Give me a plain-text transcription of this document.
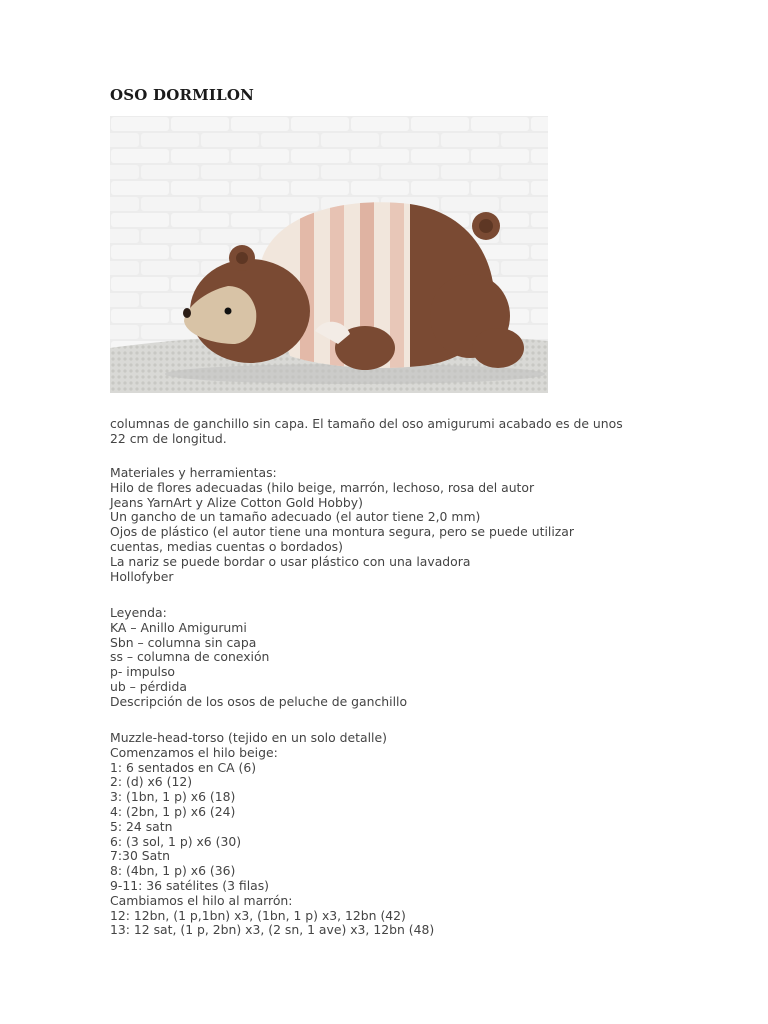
OSO DORMILON
columnas de ganchillo sin capa. El tamaño del oso amigurumi acabado es de unos
22 cm de longitud.
Materiales y herramientas:
Hilo de flores adecuadas (hilo beige, marrón, lechoso, rosa del autor
Jeans YarnArt y Alize Cotton Gold Hobby)
Un gancho de un tamaño adecuado (el autor tiene 2,0 mm)
Ojos de plástico (el autor tiene una montura segura, pero se puede utilizar
cuentas, medias cuentas o bordados)
La nariz se puede bordar o usar plástico con una lavadora
Hollofyber
Leyenda:
KA – Anillo Amigurumi
Sbn – columna sin capa
ss – columna de conexión
p- impulso
ub – pérdida
Descripción de los osos de peluche de ganchillo
Muzzle-head-torso (tejido en un solo detalle)
Comenzamos el hilo beige:
1: 6 sentados en CA (6)
2: (d) x6 (12)
3: (1bn, 1 p) x6 (18)
4: (2bn, 1 p) x6 (24)
5: 24 satn
6: (3 sol, 1 p) x6 (30)
7:30 Satn
8: (4bn, 1 p) x6 (36)
9-11: 36 satélites (3 filas)
Cambiamos el hilo al marrón:
12: 12bn, (1 p,1bn) x3, (1bn, 1 p) x3, 12bn (42)
13: 12 sat, (1 p, 2bn) x3, (2 sn, 1 ave) x3, 12bn (48)
